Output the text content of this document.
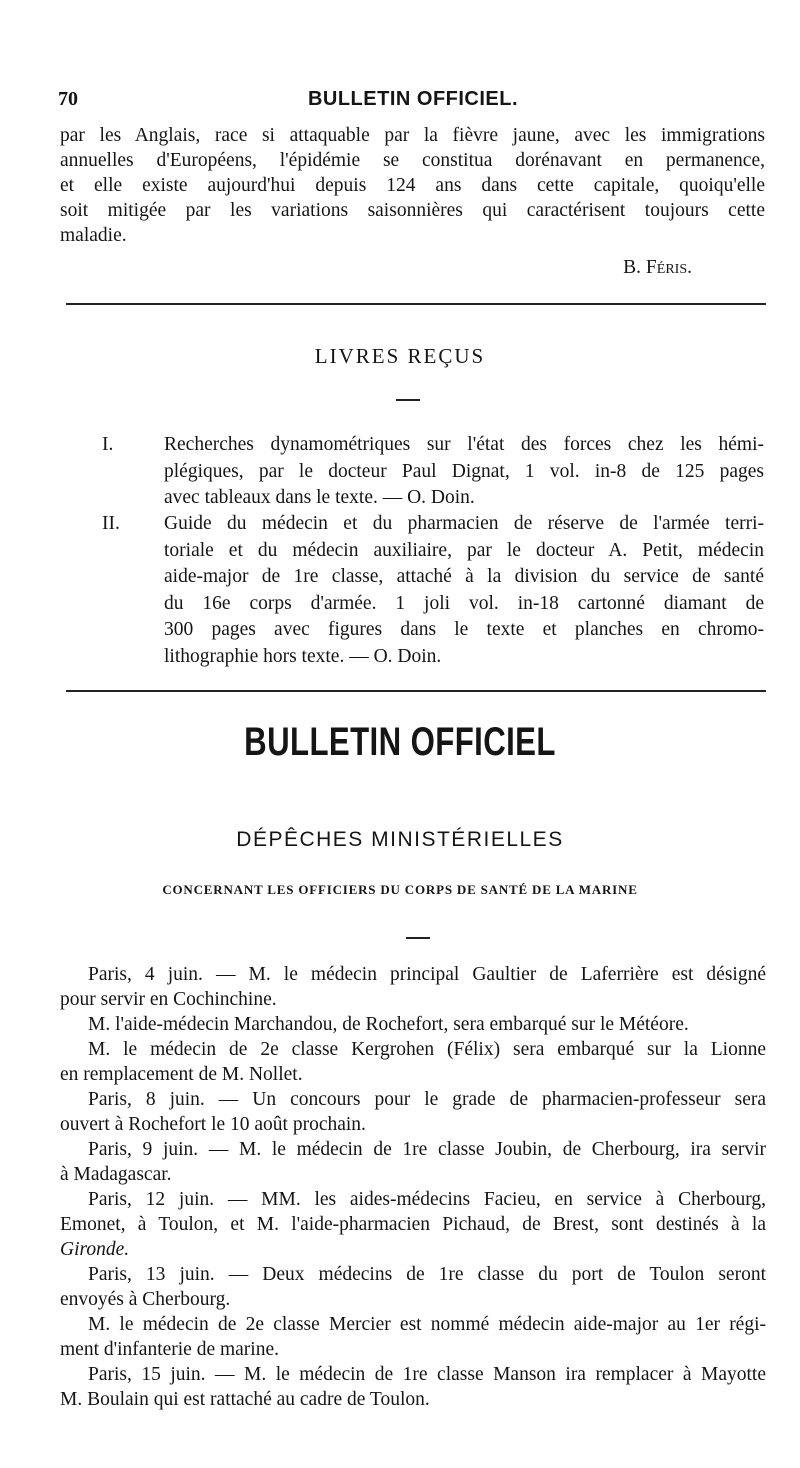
70	BULLETIN OFFICIEL.
par les Anglais, race si attaquable par la fièvre jaune, avec les immigrations
annuelles d'Européens, l'épidémie se constitua dorénavant en permanence,
et elle existe aujourd'hui depuis 124 ans dans cette capitale, quoiqu'elle
soit mitigée par les variations saisonnières qui caractérisent toujours cette
maladie.
B. Féris.
LIVRES REÇUS
I.	Recherches dynamométriques sur l'état des forces chez les hémi-
plégiques, par le docteur Paul Dignat, 1 vol. in-8 de 125 pages
avec tableaux dans le texte. — O. Doin.
II.	Guide du médecin et du pharmacien de réserve de l'armée terri-
toriale et du médecin auxiliaire, par le docteur A. Petit, médecin
aide-major de 1re classe, attaché à la division du service de santé
du 16e corps d'armée. 1 joli vol. in-18 cartonné diamant de
300 pages avec figures dans le texte et planches en chromo-
lithographie hors texte. — O. Doin.
BULLETIN OFFICIEL
DÉPÊCHES MINISTÉRIELLES
CONCERNANT LES OFFICIERS DU CORPS DE SANTÉ DE LA MARINE
Paris, 4 juin. — M. le médecin principal Gaultier de Laferrière est désigné
pour servir en Cochinchine.
M. l'aide-médecin Marchandou, de Rochefort, sera embarqué sur le Météore.
M. le médecin de 2e classe Kergrohen (Félix) sera embarqué sur la Lionne
en remplacement de M. Nollet.
Paris, 8 juin. — Un concours pour le grade de pharmacien-professeur sera
ouvert à Rochefort le 10 août prochain.
Paris, 9 juin. — M. le médecin de 1re classe Joubin, de Cherbourg, ira servir
à Madagascar.
Paris, 12 juin. — MM. les aides-médecins Facieu, en service à Cherbourg,
Emonet, à Toulon, et M. l'aide-pharmacien Pichaud, de Brest, sont destinés à la
Gironde.
Paris, 13 juin. — Deux médecins de 1re classe du port de Toulon seront
envoyés à Cherbourg.
M. le médecin de 2e classe Mercier est nommé médecin aide-major au 1er régi-
ment d'infanterie de marine.
Paris, 15 juin. — M. le médecin de 1re classe Manson ira remplacer à Mayotte
M. Boulain qui est rattaché au cadre de Toulon.
